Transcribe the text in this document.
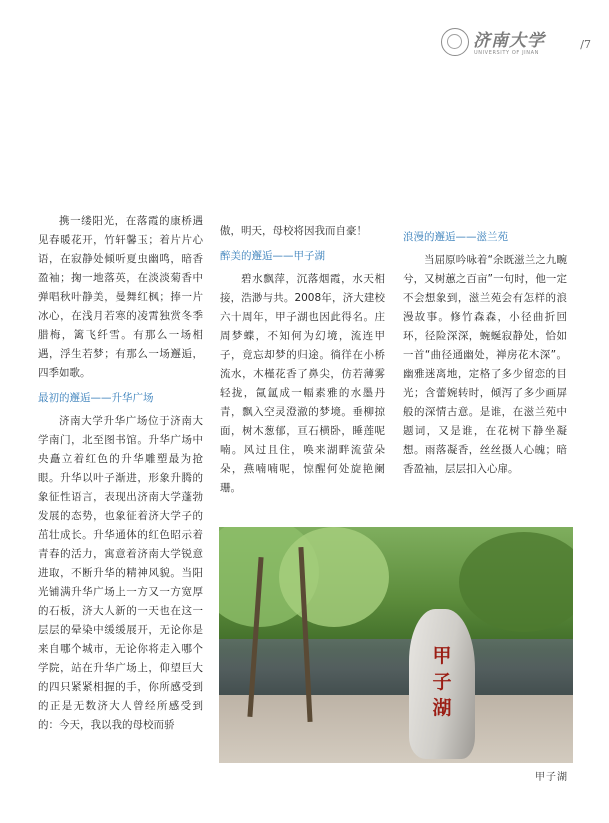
济南大学
UNIVERSITY OF JINAN
/7

携一缕阳光，在落霞的康桥遇见春暖花开，竹轩馨玉；着片片心语，在寂静处倾听夏虫幽鸣，暗香盈袖；掬一地落英，在淡淡菊香中弹唱秋叶静美，曼舞红枫；捧一片冰心，在浅月若寒的凌霄独赏冬季腊梅，篱飞纤雪。有那么一场相遇，浮生若梦；有那么一场邂逅，四季如歌。

最初的邂逅——升华广场

济南大学升华广场位于济南大学南门，北至图书馆。升华广场中央矗立着红色的升华雕塑最为抢眼。升华以叶子渐进，形象升腾的象征性语言，表现出济南大学蓬勃发展的态势，也象征着济大学子的茁壮成长。升华通体的红色昭示着青春的活力，寓意着济南大学锐意进取，不断升华的精神风貌。当阳光铺满升华广场上一方又一方宽厚的石板，济大人新的一天也在这一层层的晕染中缓缓展开，无论你是来自哪个城市，无论你将走入哪个学院，站在升华广场上，仰望巨大的四只紧紧相握的手，你所感受到的正是无数济大人曾经所感受到的：今天，我以我的母校而骄

傲，明天，母校将因我而自豪！

醉美的邂逅——甲子湖

碧水飘萍，沉落烟霞，水天相接，浩渺与共。2008年，济大建校六十周年，甲子湖也因此得名。庄周梦蝶，不知何为幻境，流连甲子，竟忘却梦的归途。徜徉在小桥流水，木槿花香了鼻尖，仿若薄雾轻拢，氤氲成一幅素雅的水墨丹青，飘入空灵澄澈的梦境。垂柳掠面，树木葱郁，亘石横卧，睡莲呢喃。风过且住，唤来湖畔流萤朵朵，燕喃喃呢，惊醒何处旋艳阑珊。

浪漫的邂逅——滋兰苑

当屈原吟咏着“余既滋兰之九畹兮，又树蕙之百亩”一句时，他一定不会想象到，滋兰苑会有怎样的浪漫故事。修竹森森，小径曲折回环，径险深深，蜿蜒寂静处，恰如一首“曲径通幽处，禅房花木深”。幽雅迷离地，定格了多少留恋的目光；含蕾婉转时，倾泻了多少画屏般的深情古意。是谁，在滋兰苑中题词，又是谁，在花树下静坐凝想。雨落凝香，丝丝摄人心魄；暗香盈袖，层层扣入心扉。

甲子湖
甲子湖
